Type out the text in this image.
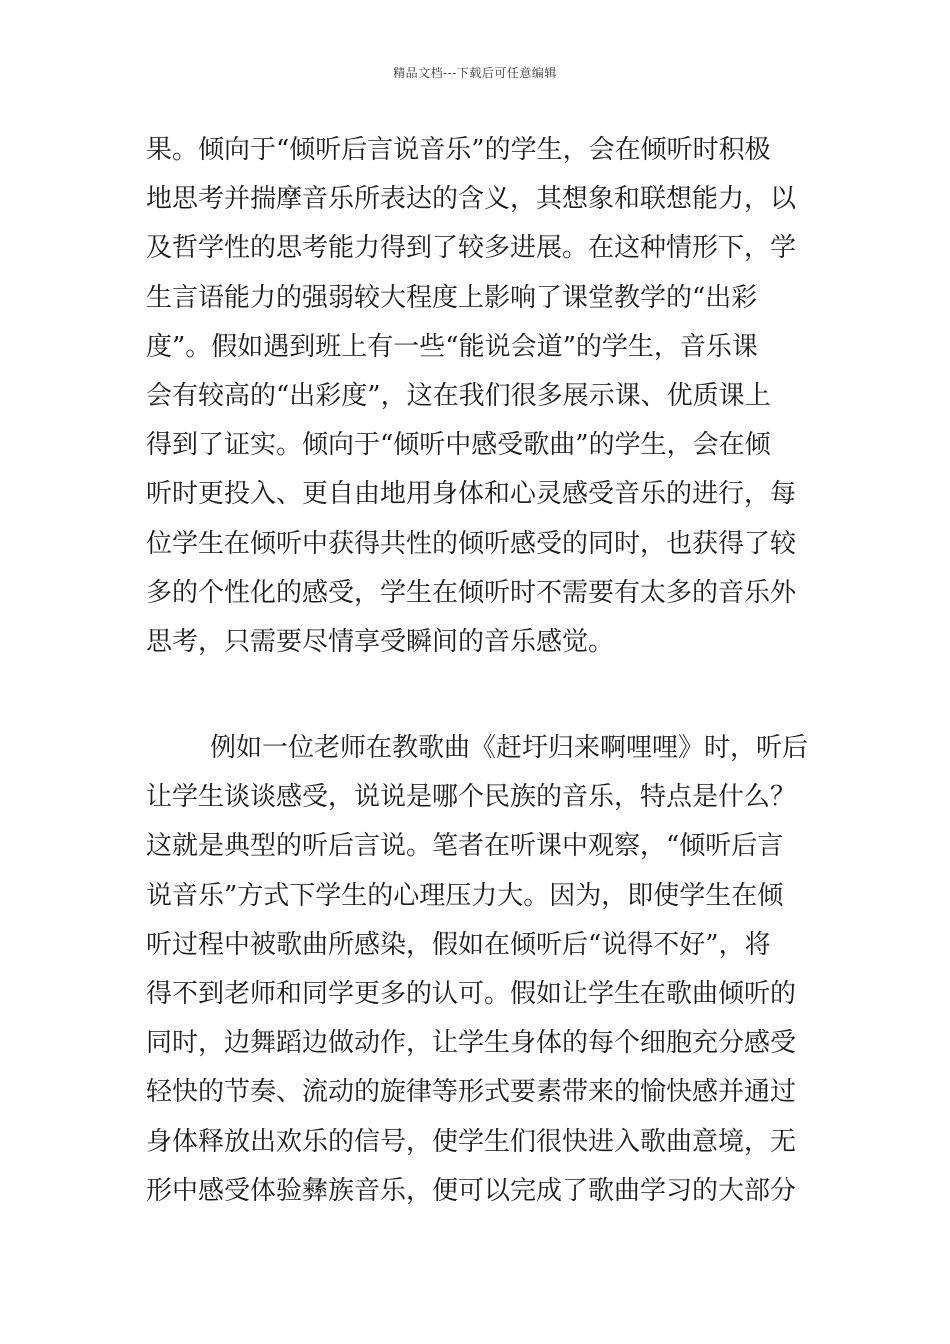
精品文档---下载后可任意编辑
果。倾向于“倾听后言说音乐”的学生，会在倾听时积极
地思考并揣摩音乐所表达的含义，其想象和联想能力，以
及哲学性的思考能力得到了较多进展。在这种情形下，学
生言语能力的强弱较大程度上影响了课堂教学的“出彩
度”。假如遇到班上有一些“能说会道”的学生，音乐课
会有较高的“出彩度”，这在我们很多展示课、优质课上
得到了证实。倾向于“倾听中感受歌曲”的学生，会在倾
听时更投入、更自由地用身体和心灵感受音乐的进行，每
位学生在倾听中获得共性的倾听感受的同时，也获得了较
多的个性化的感受，学生在倾听时不需要有太多的音乐外
思考，只需要尽情享受瞬间的音乐感觉。
例如一位老师在教歌曲《赶圩归来啊哩哩》时，听后
让学生谈谈感受，说说是哪个民族的音乐，特点是什么？
这就是典型的听后言说。笔者在听课中观察，“倾听后言
说音乐”方式下学生的心理压力大。因为，即使学生在倾
听过程中被歌曲所感染，假如在倾听后“说得不好”，将
得不到老师和同学更多的认可。假如让学生在歌曲倾听的
同时，边舞蹈边做动作，让学生身体的每个细胞充分感受
轻快的节奏、流动的旋律等形式要素带来的愉快感并通过
身体释放出欢乐的信号，使学生们很快进入歌曲意境，无
形中感受体验彝族音乐，便可以完成了歌曲学习的大部分
